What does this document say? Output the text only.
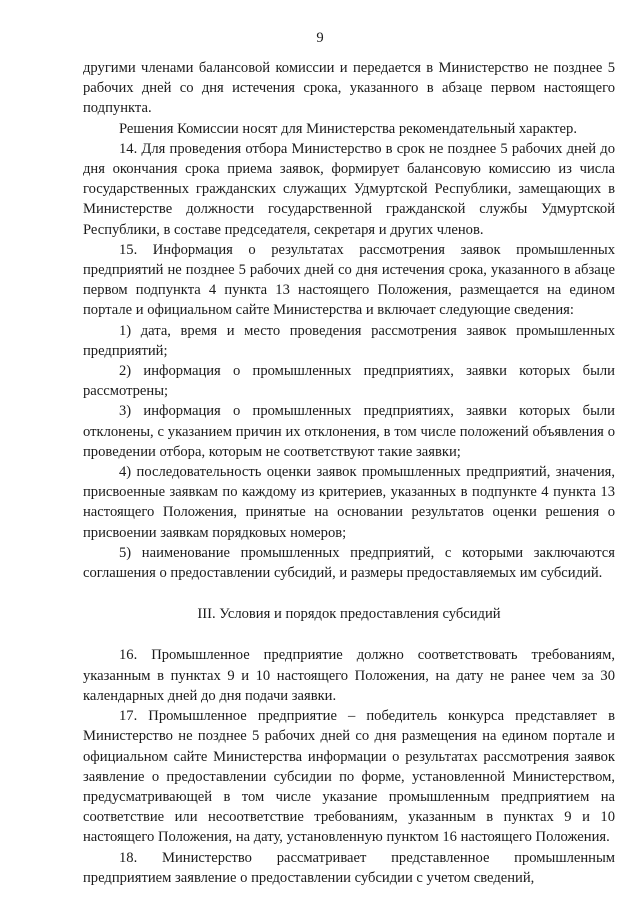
9

другими членами балансовой комиссии и передается в Министерство не позднее 5 рабочих дней со дня истечения срока, указанного в абзаце первом настоящего подпункта.

Решения Комиссии носят для Министерства рекомендательный характер.

14. Для проведения отбора Министерство в срок не позднее 5 рабочих дней до дня окончания срока приема заявок, формирует балансовую комиссию из числа государственных гражданских служащих Удмуртской Республики, замещающих в Министерстве должности государственной гражданской службы Удмуртской Республики, в составе председателя, секретаря и других членов.

15. Информация о результатах рассмотрения заявок промышленных предприятий не позднее 5 рабочих дней со дня истечения срока, указанного в абзаце первом подпункта 4 пункта 13 настоящего Положения, размещается на едином портале и официальном сайте Министерства и включает следующие сведения:

1) дата, время и место проведения рассмотрения заявок промышленных предприятий;

2) информация о промышленных предприятиях, заявки которых были рассмотрены;

3) информация о промышленных предприятиях, заявки которых были отклонены, с указанием причин их отклонения, в том числе положений объявления о проведении отбора, которым не соответствуют такие заявки;

4) последовательность оценки заявок промышленных предприятий, значения, присвоенные заявкам по каждому из критериев, указанных в подпункте 4 пункта 13 настоящего Положения, принятые на основании результатов оценки решения о присвоении заявкам порядковых номеров;

5) наименование промышленных предприятий, с которыми заключаются соглашения о предоставлении субсидий, и размеры предоставляемых им субсидий.

III. Условия и порядок предоставления субсидий

16. Промышленное предприятие должно соответствовать требованиям, указанным в пунктах 9 и 10 настоящего Положения, на дату не ранее чем за 30 календарных дней до дня подачи заявки.

17. Промышленное предприятие – победитель конкурса представляет в Министерство не позднее 5 рабочих дней со дня размещения на едином портале и официальном сайте Министерства информации о результатах рассмотрения заявок заявление о предоставлении субсидии по форме, установленной Министерством, предусматривающей в том числе указание промышленным предприятием на соответствие или несоответствие требованиям, указанным в пунктах 9 и 10 настоящего Положения, на дату, установленную пунктом 16 настоящего Положения.

18. Министерство рассматривает представленное промышленным предприятием заявление о предоставлении субсидии с учетом сведений,
